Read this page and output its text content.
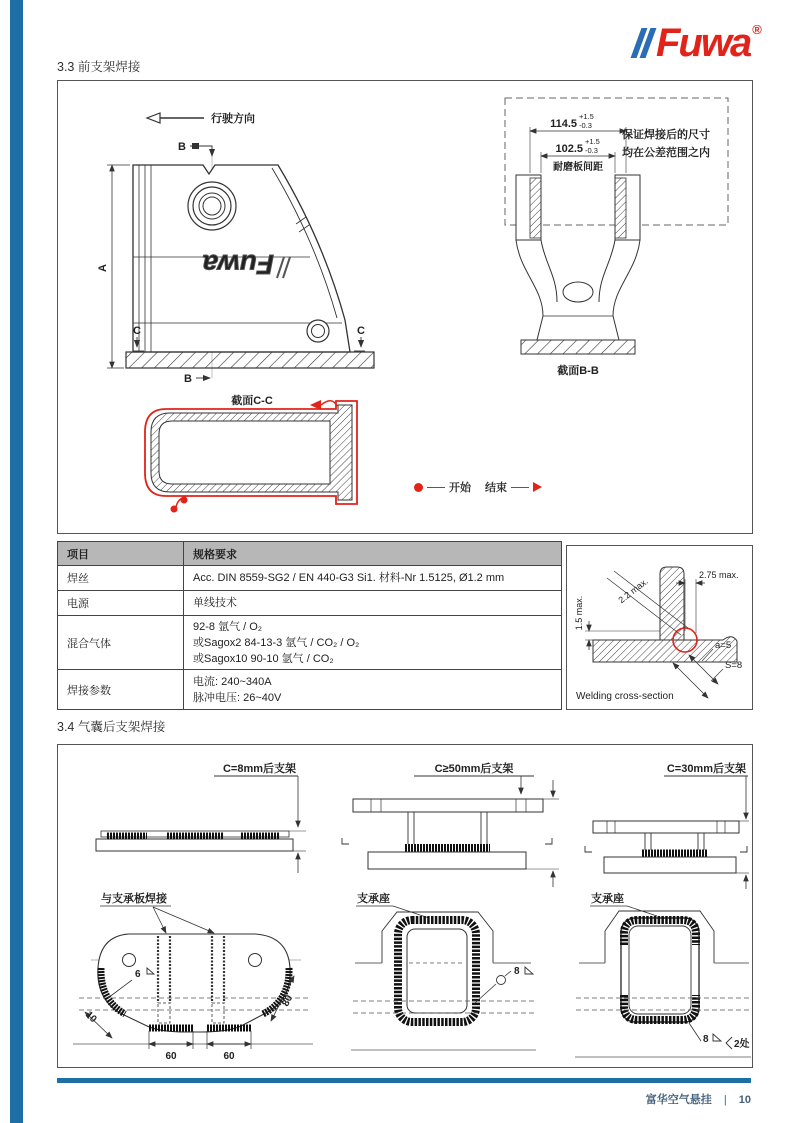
Fuwa ®
3.3 前支架焊接
行驶方向
B
Fuwa
A
C	C
B
114.5
+1.5
-0.3
102.5
+1.5
-0.3
耐磨板间距
保证焊接后的尺寸
均在公差范围之内
截面B-B
截面C-C
开始 结束
项目	规格要求
焊丝	Acc. DIN 8559-SG2 / EN 440-G3 Si1. 材料-Nr 1.5125, Ø1.2 mm

电源	单线技术

混合气体	92-8 氩气 / O₂
或Sagox2 84-13-3 氩气 / CO₂ / O₂
或Sagox10 90-10 氩气 / CO₂

焊接参数	电流: 240~340A
脉冲电压: 26~40V
2.2 max.
2.75 max.
1.5 max.
a=5
S=8
Welding cross-section
3.4 气囊后支架焊接
C=8mm后支架	C≥50mm后支架	C=30mm后支架
与支承板焊接
6
10
80
60	60
支承座
8
支承座
8	2处
富华空气悬挂 | 10
